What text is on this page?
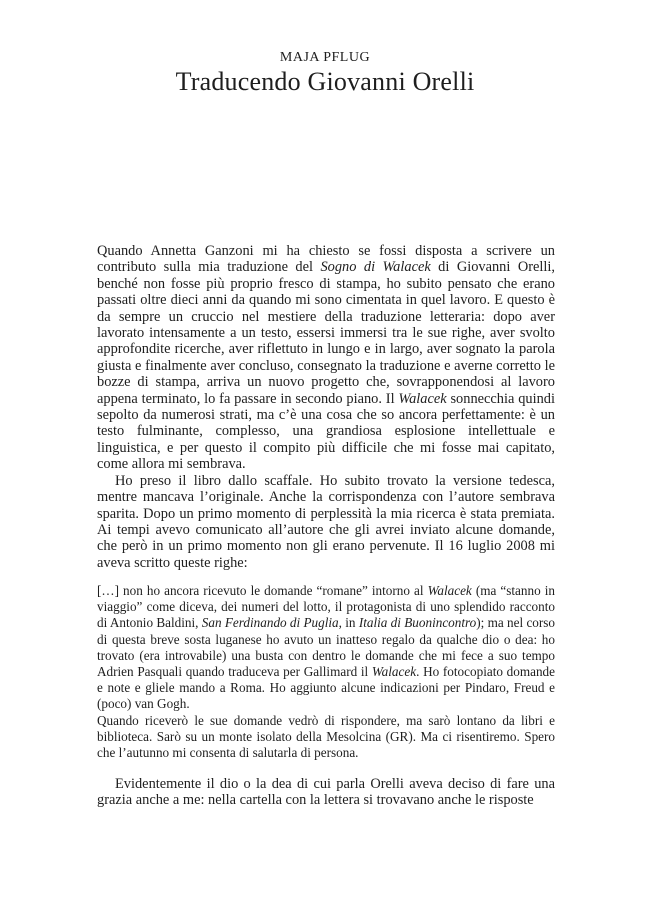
MAJA PFLUG
Traducendo Giovanni Orelli

Quando Annetta Ganzoni mi ha chiesto se fossi disposta a scrivere un contributo sulla mia traduzione del Sogno di Walacek di Giovanni Orelli, benché non fosse più proprio fresco di stampa, ho subito pensato che erano passati oltre dieci anni da quando mi sono cimentata in quel lavoro. E questo è da sempre un cruccio nel mestiere della traduzione letteraria: dopo aver lavorato intensamente a un testo, essersi immersi tra le sue righe, aver svolto approfondite ricerche, aver riflettuto in lungo e in largo, aver sognato la parola giusta e finalmente aver concluso, consegnato la traduzione e averne corretto le bozze di stampa, arriva un nuovo progetto che, sovrapponendosi al lavoro appena terminato, lo fa passare in secondo piano. Il Walacek sonnecchia quindi sepolto da numerosi strati, ma c’è una cosa che so ancora perfettamente: è un testo fulminante, complesso, una grandiosa esplosione intellettuale e linguistica, e per questo il compito più difficile che mi fosse mai capitato, come allora mi sembrava.

Ho preso il libro dallo scaffale. Ho subito trovato la versione tedesca, mentre mancava l’originale. Anche la corrispondenza con l’autore sembrava sparita. Dopo un primo momento di perplessità la mia ricerca è stata premiata. Ai tempi avevo comunicato all’autore che gli avrei inviato alcune domande, che però in un primo momento non gli erano pervenute. Il 16 luglio 2008 mi aveva scritto queste righe:

[…] non ho ancora ricevuto le domande “romane” intorno al Walacek (ma “stanno in viaggio” come diceva, dei numeri del lotto, il protagonista di uno splendido racconto di Antonio Baldini, San Ferdinando di Puglia, in Italia di Buonincontro); ma nel corso di questa breve sosta luganese ho avuto un inatteso regalo da qualche dio o dea: ho trovato (era introvabile) una busta con dentro le domande che mi fece a suo tempo Adrien Pasquali quando traduceva per Gallimard il Walacek. Ho fotocopiato domande e note e gliele mando a Roma. Ho aggiunto alcune indicazioni per Pindaro, Freud e (poco) van Gogh.

Quando riceverò le sue domande vedrò di rispondere, ma sarò lontano da libri e biblioteca. Sarò su un monte isolato della Mesolcina (GR). Ma ci risentiremo. Spero che l’autunno mi consenta di salutarla di persona.

Evidentemente il dio o la dea di cui parla Orelli aveva deciso di fare una grazia anche a me: nella cartella con la lettera si trovavano anche le risposte
